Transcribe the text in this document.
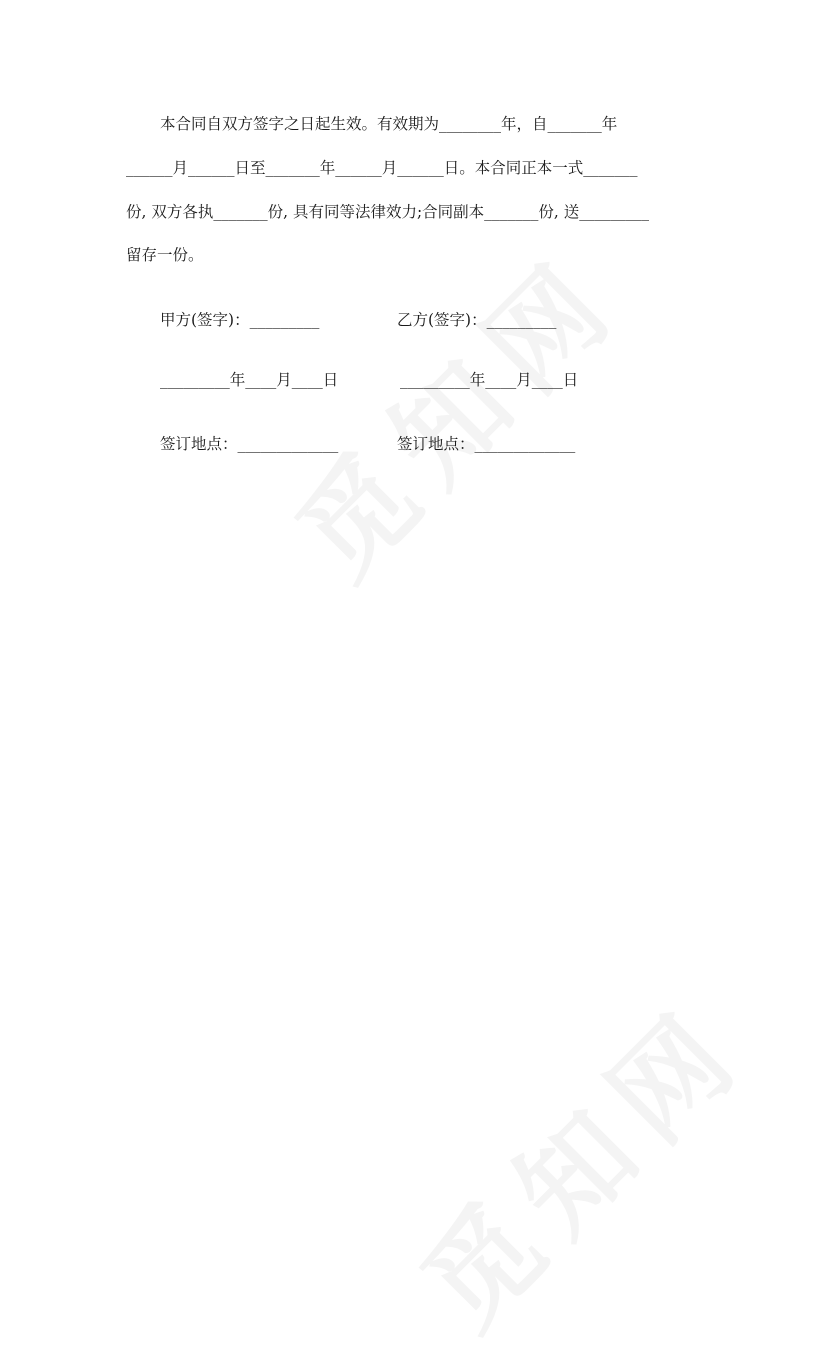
本合同自双方签字之日起生效。有效期为________年，自_______年
______月______日至_______年______月______日。本合同正本一式_______
份, 双方各执_______份, 具有同等法律效力;合同副本_______份, 送_________
留存一份。
甲方(签字)：_________	乙方(签字)：_________
_________年____月____日	_________年____月____日
签订地点：_____________	签订地点：_____________
